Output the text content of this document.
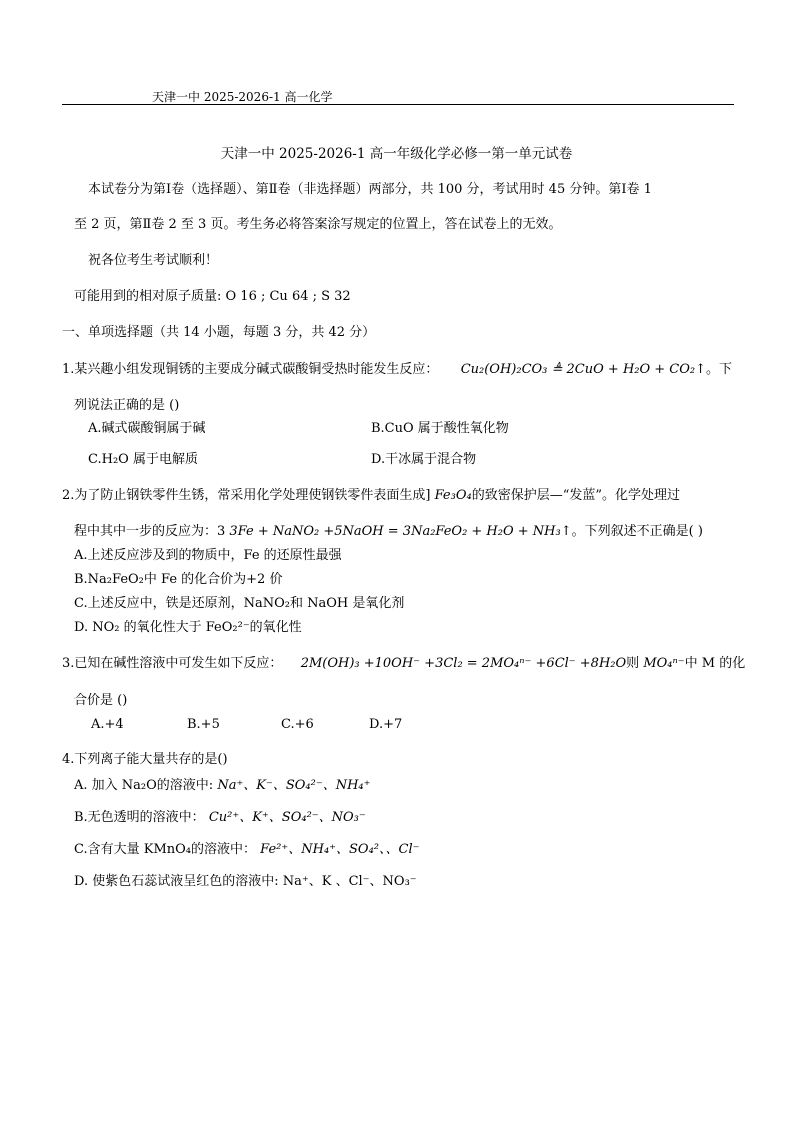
天津一中 2025-2026-1 高一化学
天津一中 2025-2026-1 高一年级化学必修一第一单元试卷
本试卷分为第Ⅰ卷（选择题）、第Ⅱ卷（非选择题）两部分，共 100 分，考试用时 45 分钟。第Ⅰ卷 1
至 2 页，第Ⅱ卷 2 至 3 页。考生务必将答案涂写规定的位置上，答在试卷上的无效。
祝各位考生考试顺利！
可能用到的相对原子质量: O 16 ; Cu 64 ; S 32
一、单项选择题（共 14 小题，每题 3 分，共 42 分）
1.某兴趣小组发现铜锈的主要成分碱式碳酸铜受热时能发生反应： Cu₂(OH)₂CO₃ ≜ 2CuO + H₂O + CO₂↑。下
列说法正确的是 ()
A.碱式碳酸铜属于碱	B.CuO 属于酸性氧化物
C.H₂O 属于电解质	D.干冰属于混合物
2.为了防止钢铁零件生锈，常采用化学处理使钢铁零件表面生成] Fe₃O₄的致密保护层—“发蓝”。化学处理过
程中其中一步的反应为：3 3Fe + NaNO₂ +5NaOH = 3Na₂FeO₂ + H₂O + NH₃↑。下列叙述不正确是( )
A.上述反应涉及到的物质中，Fe 的还原性最强
B.Na₂FeO₂中 Fe 的化合价为+2 价
C.上述反应中，铁是还原剂，NaNO₂和 NaOH 是氧化剂
D. NO₂ 的氧化性大于 FeO₂²⁻的氧化性
3.已知在碱性溶液中可发生如下反应： 2M(OH)₃ +10OH⁻ +3Cl₂ = 2MO₄ⁿ⁻ +6Cl⁻ +8H₂O则 MO₄ⁿ⁻中 M 的化
合价是 ()
A.+4	B.+5	C.+6	D.+7
4.下列离子能大量共存的是()
A. 加入 Na₂O的溶液中: Na⁺、K⁻、SO₄²⁻、NH₄⁺
B.无色透明的溶液中： Cu²⁺、K⁺、SO₄²⁻、NO₃⁻
C.含有大量 KMnO₄的溶液中： Fe²⁺、NH₄⁺、SO₄²、、Cl⁻
D. 使紫色石蕊试液呈红色的溶液中: Na⁺、K 、Cl⁻、NO₃⁻
